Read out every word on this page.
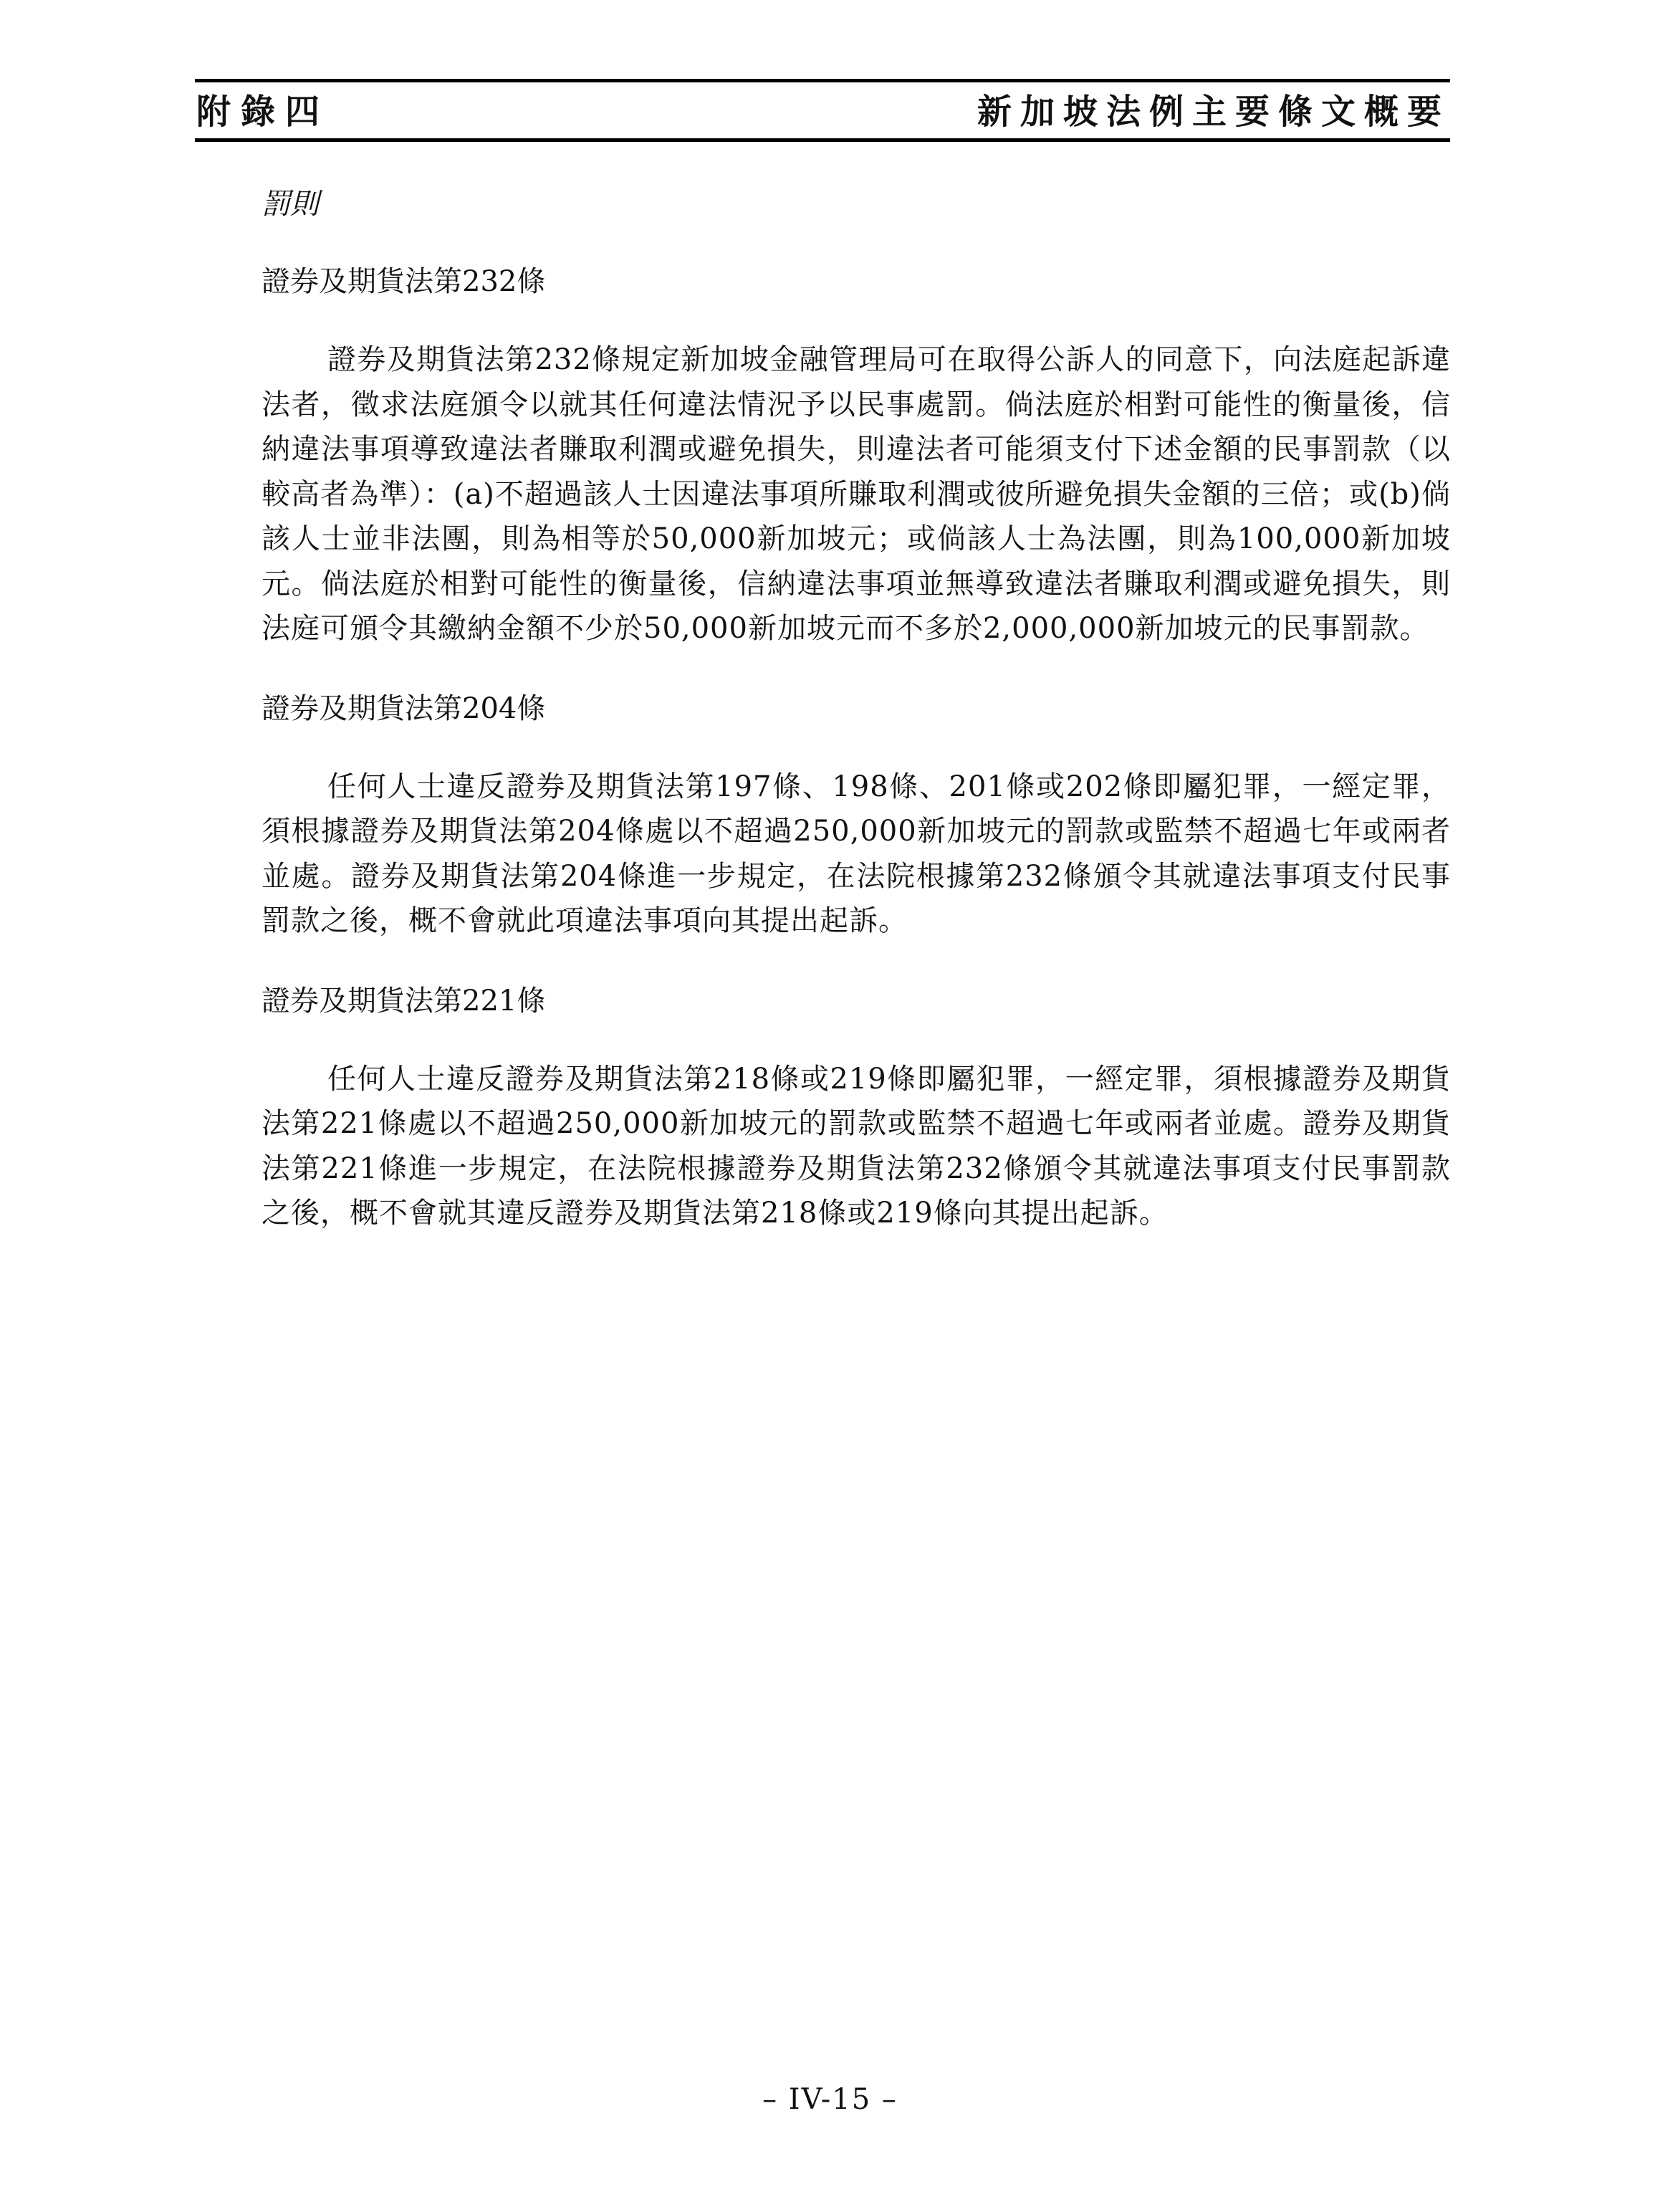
附錄四	新加坡法例主要條文概要

罰則

證券及期貨法第232條

證券及期貨法第232條規定新加坡金融管理局可在取得公訴人的同意下，向法庭起訴違法者，徵求法庭頒令以就其任何違法情況予以民事處罰。倘法庭於相對可能性的衡量後，信納違法事項導致違法者賺取利潤或避免損失，則違法者可能須支付下述金額的民事罰款（以較高者為準）：(a)不超過該人士因違法事項所賺取利潤或彼所避免損失金額的三倍；或(b)倘該人士並非法團，則為相等於50,000新加坡元；或倘該人士為法團，則為100,000新加坡元。倘法庭於相對可能性的衡量後，信納違法事項並無導致違法者賺取利潤或避免損失，則法庭可頒令其繳納金額不少於50,000新加坡元而不多於2,000,000新加坡元的民事罰款。

證券及期貨法第204條

任何人士違反證券及期貨法第197條、198條、201條或202條即屬犯罪，一經定罪，須根據證券及期貨法第204條處以不超過250,000新加坡元的罰款或監禁不超過七年或兩者並處。證券及期貨法第204條進一步規定，在法院根據第232條頒令其就違法事項支付民事罰款之後，概不會就此項違法事項向其提出起訴。

證券及期貨法第221條

任何人士違反證券及期貨法第218條或219條即屬犯罪，一經定罪，須根據證券及期貨法第221條處以不超過250,000新加坡元的罰款或監禁不超過七年或兩者並處。證券及期貨法第221條進一步規定，在法院根據證券及期貨法第232條頒令其就違法事項支付民事罰款之後，概不會就其違反證券及期貨法第218條或219條向其提出起訴。

– IV-15 –
